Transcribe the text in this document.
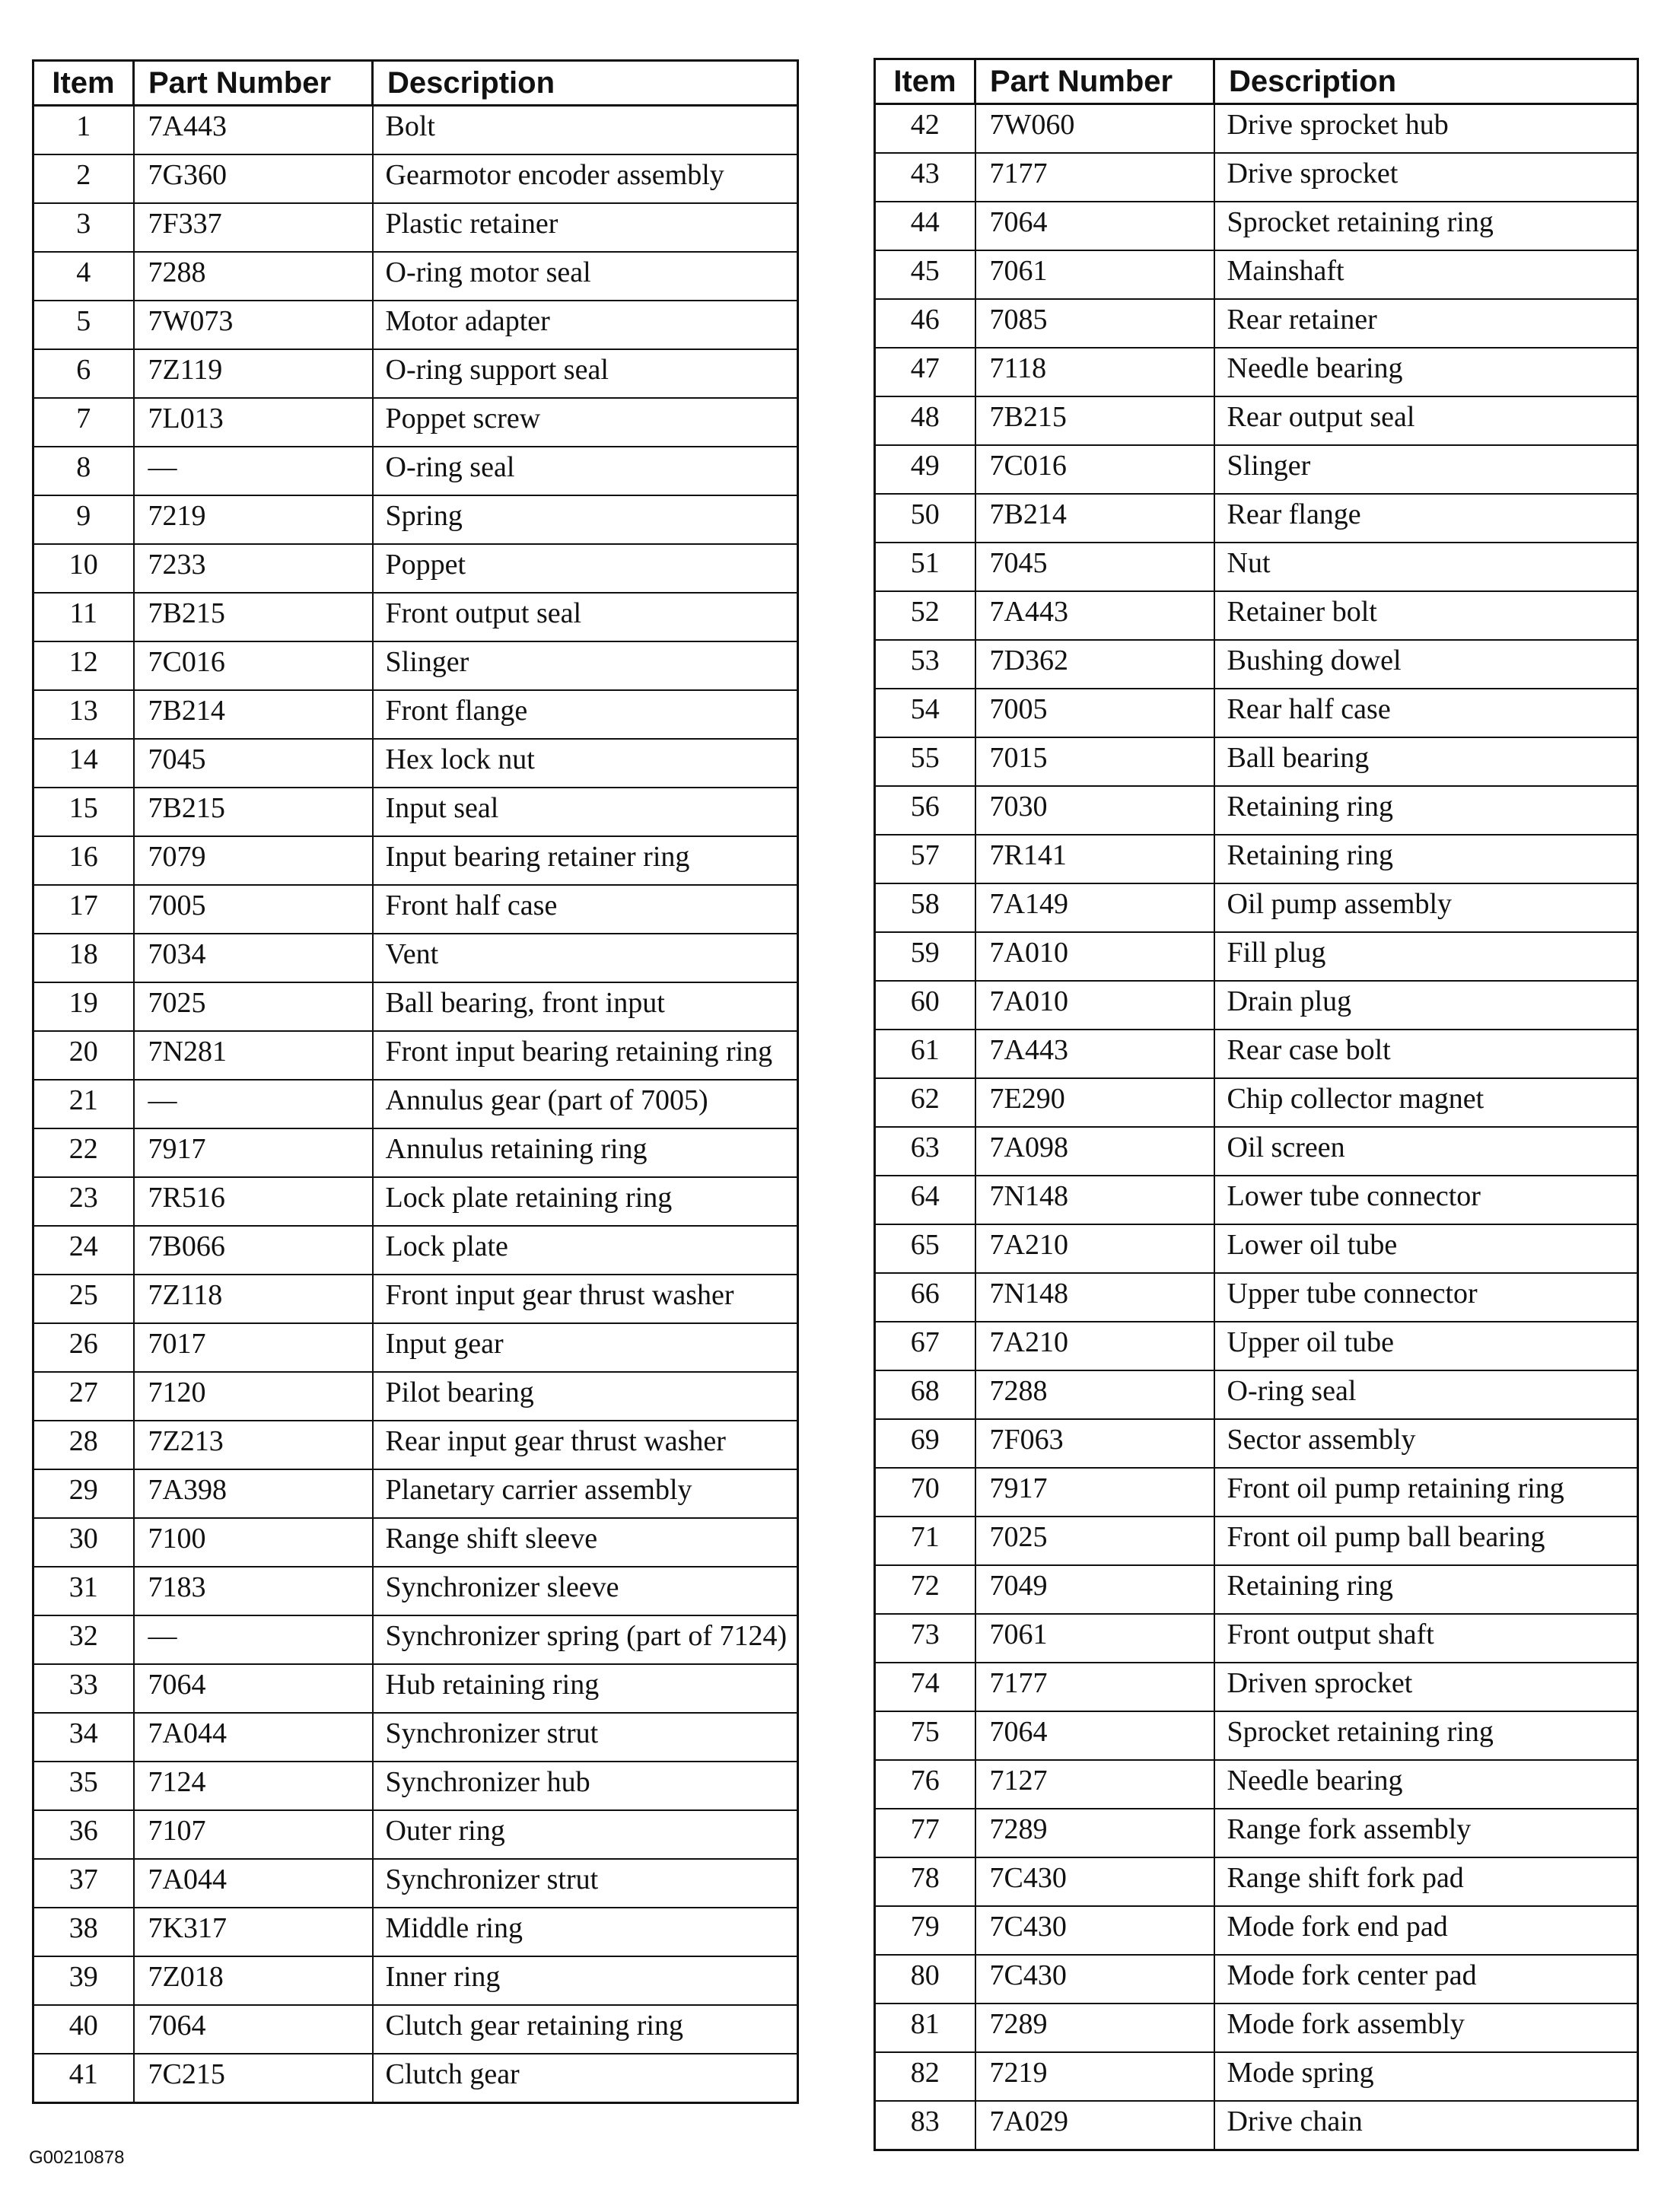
Item	Part Number	Description
1	7A443	Bolt
2	7G360	Gearmotor encoder assembly
3	7F337	Plastic retainer
4	7288	O-ring motor seal
5	7W073	Motor adapter
6	7Z119	O-ring support seal
7	7L013	Poppet screw
8	—	O-ring seal
9	7219	Spring
10	7233	Poppet
11	7B215	Front output seal
12	7C016	Slinger
13	7B214	Front flange
14	7045	Hex lock nut
15	7B215	Input seal
16	7079	Input bearing retainer ring
17	7005	Front half case
18	7034	Vent
19	7025	Ball bearing, front input
20	7N281	Front input bearing retaining ring
21	—	Annulus gear (part of 7005)
22	7917	Annulus retaining ring
23	7R516	Lock plate retaining ring
24	7B066	Lock plate
25	7Z118	Front input gear thrust washer
26	7017	Input gear
27	7120	Pilot bearing
28	7Z213	Rear input gear thrust washer
29	7A398	Planetary carrier assembly
30	7100	Range shift sleeve
31	7183	Synchronizer sleeve
32	—	Synchronizer spring (part of 7124)
33	7064	Hub retaining ring
34	7A044	Synchronizer strut
35	7124	Synchronizer hub
36	7107	Outer ring
37	7A044	Synchronizer strut
38	7K317	Middle ring
39	7Z018	Inner ring
40	7064	Clutch gear retaining ring
41	7C215	Clutch gear
Item	Part Number	Description
42	7W060	Drive sprocket hub
43	7177	Drive sprocket
44	7064	Sprocket retaining ring
45	7061	Mainshaft
46	7085	Rear retainer
47	7118	Needle bearing
48	7B215	Rear output seal
49	7C016	Slinger
50	7B214	Rear flange
51	7045	Nut
52	7A443	Retainer bolt
53	7D362	Bushing dowel
54	7005	Rear half case
55	7015	Ball bearing
56	7030	Retaining ring
57	7R141	Retaining ring
58	7A149	Oil pump assembly
59	7A010	Fill plug
60	7A010	Drain plug
61	7A443	Rear case bolt
62	7E290	Chip collector magnet
63	7A098	Oil screen
64	7N148	Lower tube connector
65	7A210	Lower oil tube
66	7N148	Upper tube connector
67	7A210	Upper oil tube
68	7288	O-ring seal
69	7F063	Sector assembly
70	7917	Front oil pump retaining ring
71	7025	Front oil pump ball bearing
72	7049	Retaining ring
73	7061	Front output shaft
74	7177	Driven sprocket
75	7064	Sprocket retaining ring
76	7127	Needle bearing
77	7289	Range fork assembly
78	7C430	Range shift fork pad
79	7C430	Mode fork end pad
80	7C430	Mode fork center pad
81	7289	Mode fork assembly
82	7219	Mode spring
83	7A029	Drive chain
G00210878
